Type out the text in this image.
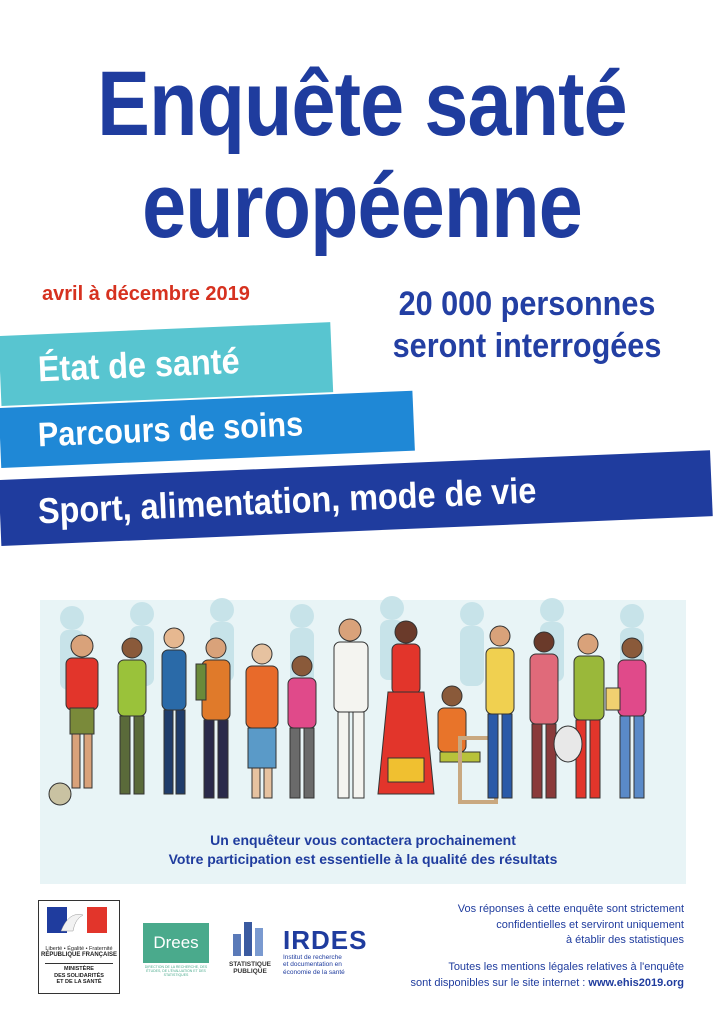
Enquête santé
européenne
avril à décembre 2019	20 000 personnes
seront interrogées
État de santé
Parcours de soins
Sport, alimentation, mode de vie
Un enquêteur vous contactera prochainement
Votre participation est essentielle à la qualité des résultats
Liberté • Égalité • Fraternité
RÉPUBLIQUE FRANÇAISE
MINISTÈRE
DES SOLIDARITÉS
ET DE LA SANTÉ
Drees
DIRECTION DE LA RECHERCHE, DES ÉTUDES, DE L'ÉVALUATION ET DES STATISTIQUES
STATISTIQUE
PUBLIQUE
IRDES
Institut de recherche
et documentation en
économie de la santé
Vos réponses à cette enquête sont strictement
confidentielles et serviront uniquement
à établir des statistiques
Toutes les mentions légales relatives à l'enquête
sont disponibles sur le site internet : www.ehis2019.org
